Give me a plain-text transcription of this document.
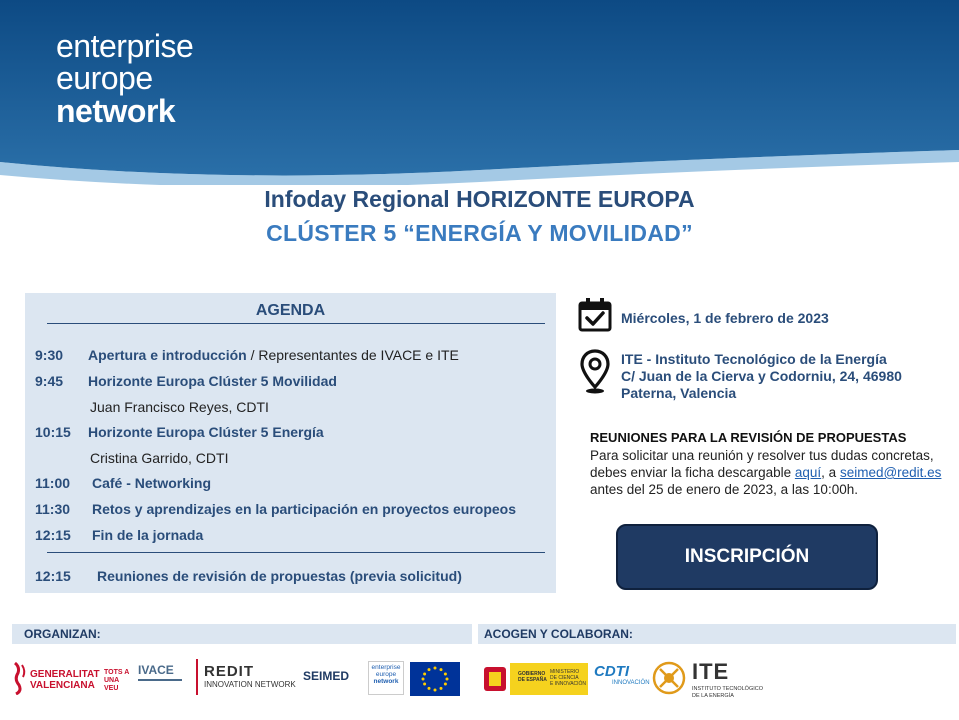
enterprise
europe
network
Infoday Regional HORIZONTE EUROPA
CLÚSTER 5 “ENERGÍA Y MOVILIDAD”
AGENDA
9:30 Apertura e introducción / Representantes de IVACE e ITE
9:45 Horizonte Europa Clúster 5 Movilidad
Juan Francisco Reyes, CDTI
10:15 Horizonte Europa Clúster 5 Energía
Cristina Garrido, CDTI
11:00 Café - Networking
11:30 Retos y aprendizajes en la participación en proyectos europeos
12:15 Fin de la jornada
12:15 Reuniones de revisión de propuestas (previa solicitud)
Miércoles, 1 de febrero de 2023
ITE - Instituto Tecnológico de la Energía
C/ Juan de la Cierva y Codorniu, 24, 46980
Paterna, Valencia
REUNIONES PARA LA REVISIÓN DE PROPUESTAS
Para solicitar una reunión y resolver tus dudas concretas, debes enviar la ficha descargable aquí, a seimed@redit.es antes del 25 de enero de 2023, a las 10:00h.
INSCRIPCIÓN
ORGANIZAN:	ACOGEN Y COLABORAN:
GENERALITAT
VALENCIANA
TOTS A UNA VEU
IVACE	REDIT
INNOVATION NETWORK
SEIMED
enterprise
europe
network
GOBIERNO
DE ESPAÑA
MINISTERIO
DE CIENCIA
E INNOVACIÓN
CDTI
INNOVACIÓN ITE
INSTITUTO TECNOLÓGICO
DE LA ENERGÍA
